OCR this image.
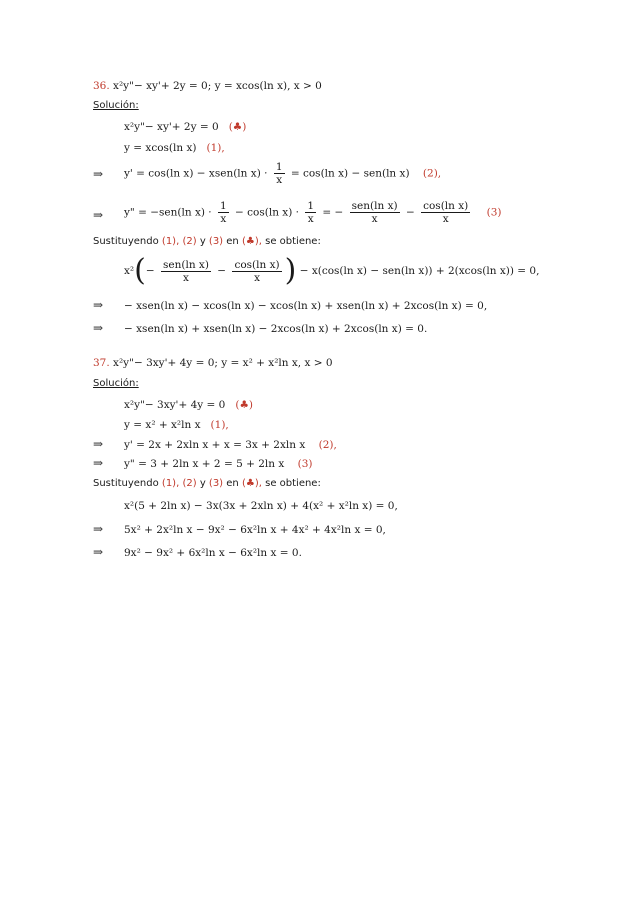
36. x²y"− xy'+ 2y = 0; y = xcos(ln x), x > 0
Solución:
x²y"− xy'+ 2y = 0 (♣)
y = xcos(ln x) (1),
⇒ y' = cos(ln x) − xsen(ln $x) \cdot \frac{1}{x} = \cos(\ln$ x) − sen(ln x) (2),
⇒ y" = −sen(ln $x) \cdot \frac{1}{x} - \cos(\ln$ $x) \cdot \frac{1}{x}$ = − $\frac{\text{sen(ln x)}}{x} - \frac{\text{cos(ln x)}}{x} (3)$
Sustituyendo (1), (2) y (3) en (♣), se obtiene:
$x^2(- \frac{\text{sen(ln x)}}{x} - \frac{\text{cos(ln x)}}{x}$ ) − x(cos(ln x) − sen(ln x)) + 2(xcos(ln x)) = 0,
⇒ − xsen(ln x) − xcos(ln x) − xcos(ln x) + xsen(ln x) + 2xcos(ln x) = 0,
⇒ − xsen(ln x) + xsen(ln x) − 2xcos(ln x) + 2xcos(ln x) = 0.
37. x²y"− 3xy'+ 4y = 0; y = x² + x²ln x, x > 0
Solución:
x²y"− 3xy'+ 4y = 0 (♣)
y = x² + x²ln x (1),
⇒ y' = 2x + 2xln x + x = 3x + 2xln x (2),
⇒ y" = 3 + 2ln x + 2 = 5 + 2ln x (3)
Sustituyendo (1), (2) y (3) en (♣), se obtiene:
x²(5 + 2ln x) − 3x(3x + 2xln x) + 4(x² + x²ln x) = 0,
⇒ 5x² + 2x²ln x − 9x² − 6x²ln x + 4x² + 4x²ln x = 0,
⇒ 9x² − 9x² + 6x²ln x − 6x²ln x = 0.
